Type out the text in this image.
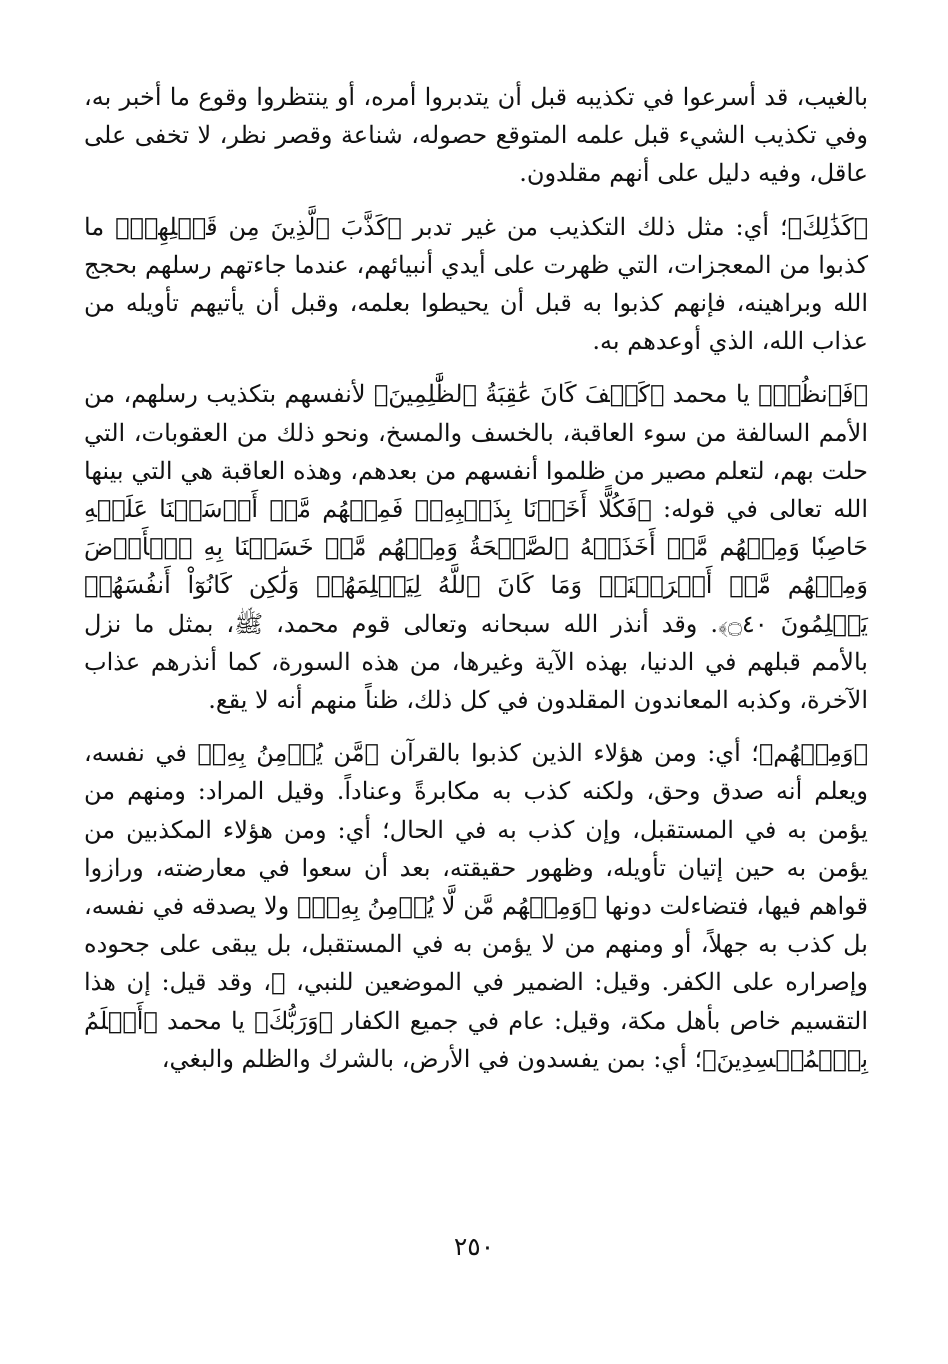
بالغيب، قد أسرعوا في تكذيبه قبل أن يتدبروا أمره، أو ينتظروا وقوع ما أخبر به، وفي تكذيب الشيء قبل علمه المتوقع حصوله، شناعة وقصر نظر، لا تخفى على عاقل، وفيه دليل على أنهم مقلدون.

﴿كَذَٰلِكَ﴾؛ أي: مثل ذلك التكذيب من غير تدبر ﴿كَذَّبَ ٱلَّذِينَ مِن قَبۡلِهِمۡ﴾ ما كذبوا من المعجزات، التي ظهرت على أيدي أنبيائهم، عندما جاءتهم رسلهم بحجج الله وبراهينه، فإنهم كذبوا به قبل أن يحيطوا بعلمه، وقبل أن يأتيهم تأويله من عذاب الله، الذي أوعدهم به.

﴿فَٱنظُرۡ﴾ يا محمد ﴿كَيۡفَ كَانَ عَٰقِبَةُ ٱلظَّٰلِمِينَ﴾ لأنفسهم بتكذيب رسلهم، من الأمم السالفة من سوء العاقبة، بالخسف والمسخ، ونحو ذلك من العقوبات، التي حلت بهم، لتعلم مصير من ظلموا أنفسهم من بعدهم، وهذه العاقبة هي التي بينها الله تعالى في قوله: ﴿فَكُلًّا أَخَذۡنَا بِذَنۢبِهِۦۖ فَمِنۡهُم مَّنۡ أَرۡسَلۡنَا عَلَيۡهِ حَاصِبٗا وَمِنۡهُم مَّنۡ أَخَذَتۡهُ ٱلصَّيۡحَةُ وَمِنۡهُم مَّنۡ خَسَفۡنَا بِهِ ٱلۡأَرۡضَ وَمِنۡهُم مَّنۡ أَغۡرَقۡنَاۚ وَمَا كَانَ ٱللَّهُ لِيَظۡلِمَهُمۡ وَلَٰكِن كَانُوٓاْ أَنفُسَهُمۡ يَظۡلِمُونَ ۝٤٠﴾. وقد أنذر الله سبحانه وتعالى قوم محمد، ﷺ، بمثل ما نزل بالأمم قبلهم في الدنيا، بهذه الآية وغيرها، من هذه السورة، كما أنذرهم عذاب الآخرة، وكذبه المعاندون المقلدون في كل ذلك، ظناً منهم أنه لا يقع.

﴿وَمِنۡهُم﴾؛ أي: ومن هؤلاء الذين كذبوا بالقرآن ﴿مَّن يُؤۡمِنُ بِهِۦ﴾ في نفسه، ويعلم أنه صدق وحق، ولكنه كذب به مكابرةً وعناداً. وقيل المراد: ومنهم من يؤمن به في المستقبل، وإن كذب به في الحال؛ أي: ومن هؤلاء المكذبين من يؤمن به حين إتيان تأويله، وظهور حقيقته، بعد أن سعوا في معارضته، ورازوا قواهم فيها، فتضاءلت دونها ﴿وَمِنۡهُم مَّن لَّا يُؤۡمِنُ بِهِۦۚ﴾ ولا يصدقه في نفسه، بل كذب به جهلاً، أو ومنهم من لا يؤمن به في المستقبل، بل يبقى على جحوده وإصراره على الكفر. وقيل: الضمير في الموضعين للنبي، ﷺ، وقد قيل: إن هذا التقسيم خاص بأهل مكة، وقيل: عام في جميع الكفار ﴿وَرَبُّكَ﴾ يا محمد ﴿أَعۡلَمُ بِٱلۡمُفۡسِدِينَ﴾؛ أي: بمن يفسدون في الأرض، بالشرك والظلم والبغي،

٢٥٠
